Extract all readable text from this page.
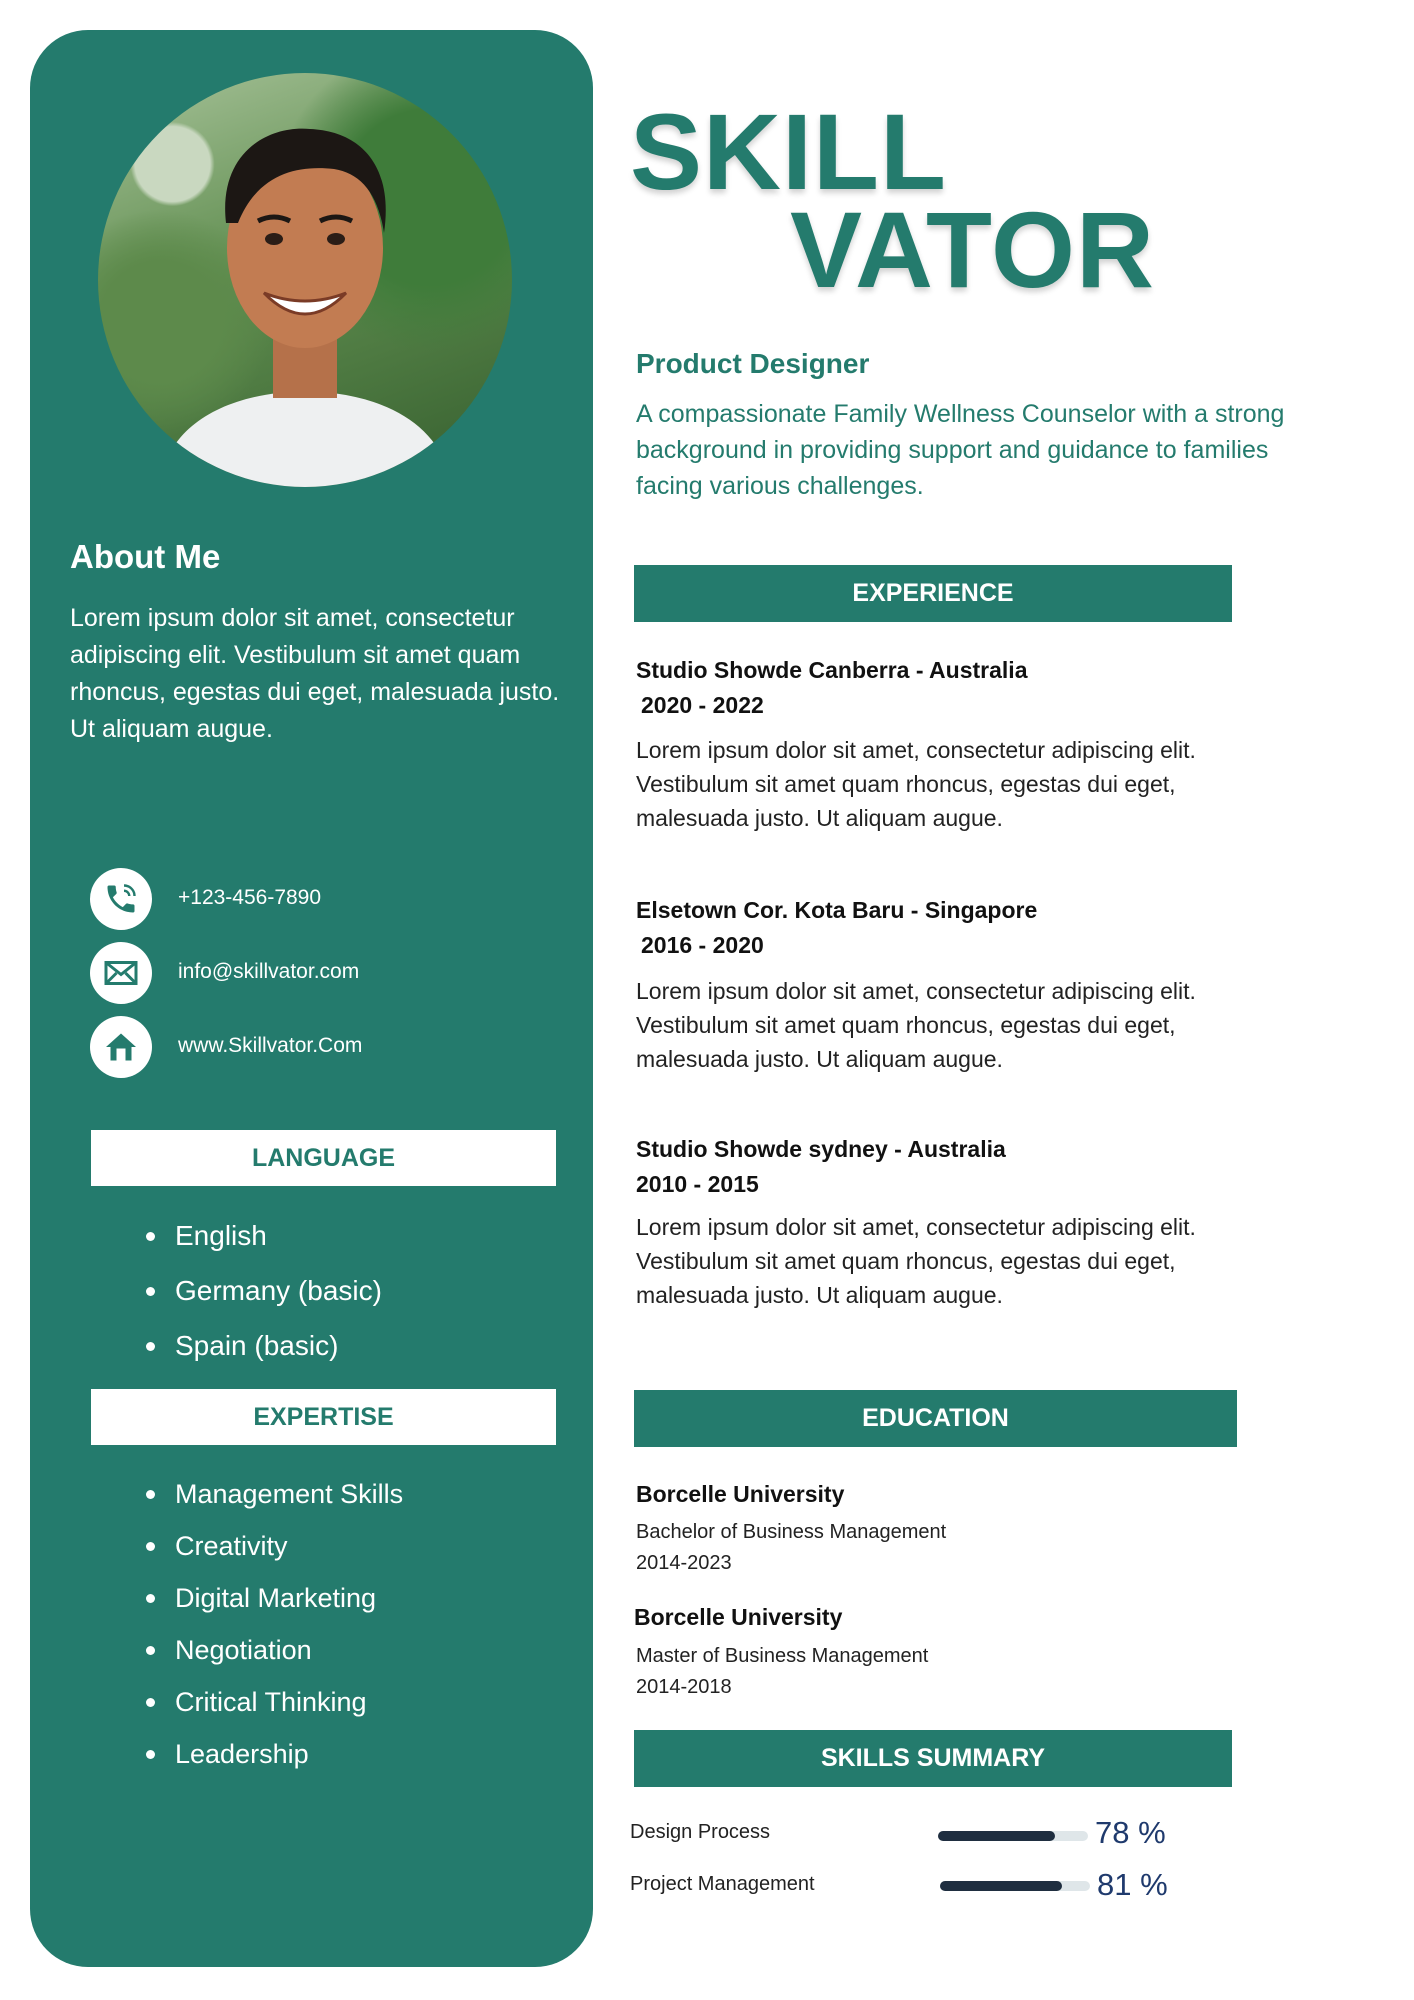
About Me
Lorem ipsum dolor sit amet, consectetur adipiscing elit. Vestibulum sit amet quam rhoncus, egestas dui eget, malesuada justo. Ut aliquam augue.
+123-456-7890
info@skillvator.com
www.Skillvator.Com
LANGUAGE
English
Germany (basic)
Spain (basic)
EXPERTISE
Management Skills
Creativity
Digital Marketing
Negotiation
Critical Thinking
Leadership
SKILL
VATOR
Product Designer
A compassionate Family Wellness Counselor with a strong background in providing support and guidance to families facing various challenges.
EXPERIENCE
Studio Showde Canberra - Australia
2020 - 2022
Lorem ipsum dolor sit amet, consectetur adipiscing elit. Vestibulum sit amet quam rhoncus, egestas dui eget, malesuada justo. Ut aliquam augue.
Elsetown Cor. Kota Baru - Singapore
2016 - 2020
Lorem ipsum dolor sit amet, consectetur adipiscing elit. Vestibulum sit amet quam rhoncus, egestas dui eget, malesuada justo. Ut aliquam augue.
Studio Showde sydney - Australia
2010 - 2015
Lorem ipsum dolor sit amet, consectetur adipiscing elit. Vestibulum sit amet quam rhoncus, egestas dui eget, malesuada justo. Ut aliquam augue.
EDUCATION
Borcelle University
Bachelor of Business Management
2014-2023
Borcelle University
Master of Business Management
2014-2018
SKILLS SUMMARY
Design Process	78 %
Project Management	81 %
